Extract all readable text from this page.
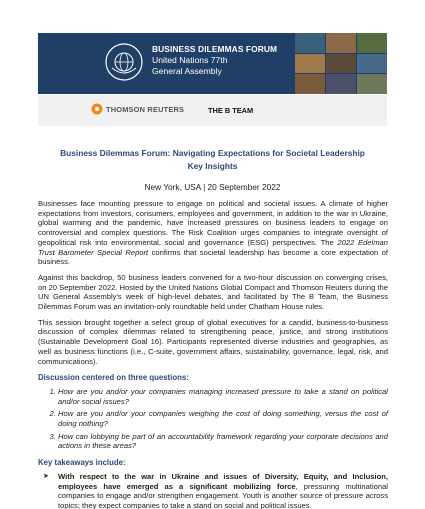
BUSINESS DILEMMAS FORUM
United Nations 77th
General Assembly
THOMSON REUTERS	THE B TEAM
Business Dilemmas Forum: Navigating Expectations for Societal Leadership
Key Insights
New York, USA | 20 September 2022

Businesses face mounting pressure to engage on political and societal issues. A climate of higher expectations from investors, consumers, employees and government, in addition to the war in Ukraine, global warming and the pandemic, have increased pressures on business leaders to engage on controversial and complex questions. The Risk Coalition urges companies to integrate oversight of geopolitical risk into environmental, social and governance (ESG) perspectives. The 2022 Edelman Trust Barometer Special Report confirms that societal leadership has become a core expectation of business.

Against this backdrop, 50 business leaders convened for a two-hour discussion on converging crises, on 20 September 2022. Hosted by the United Nations Global Compact and Thomson Reuters during the UN General Assembly's week of high-level debates, and facilitated by The B Team, the Business Dilemmas Forum was an invitation-only roundtable held under Chatham House rules.

This session brought together a select group of global executives for a candid, business-to-business discussion of complex dilemmas related to strengthening peace, justice, and strong institutions (Sustainable Development Goal 16). Participants represented diverse industries and geographies, as well as business functions (i.e., C-suite, government affairs, sustainability, governance, legal, risk, and communications).

Discussion centered on three questions:
1. How are you and/or your companies managing increased pressure to take a stand on political and/or social issues?
2. How are you and/or your companies weighing the cost of doing something, versus the cost of doing nothing?
3. How can lobbying be part of an accountability framework regarding your corporate decisions and actions in these areas?
Key takeaways include:

➤ With respect to the war in Ukraine and issues of Diversity, Equity, and Inclusion, employees have emerged as a significant mobilizing force, pressuring multinational companies to engage and/or strengthen engagement. Youth is another source of pressure across topics; they expect companies to take a stand on social and political issues.
